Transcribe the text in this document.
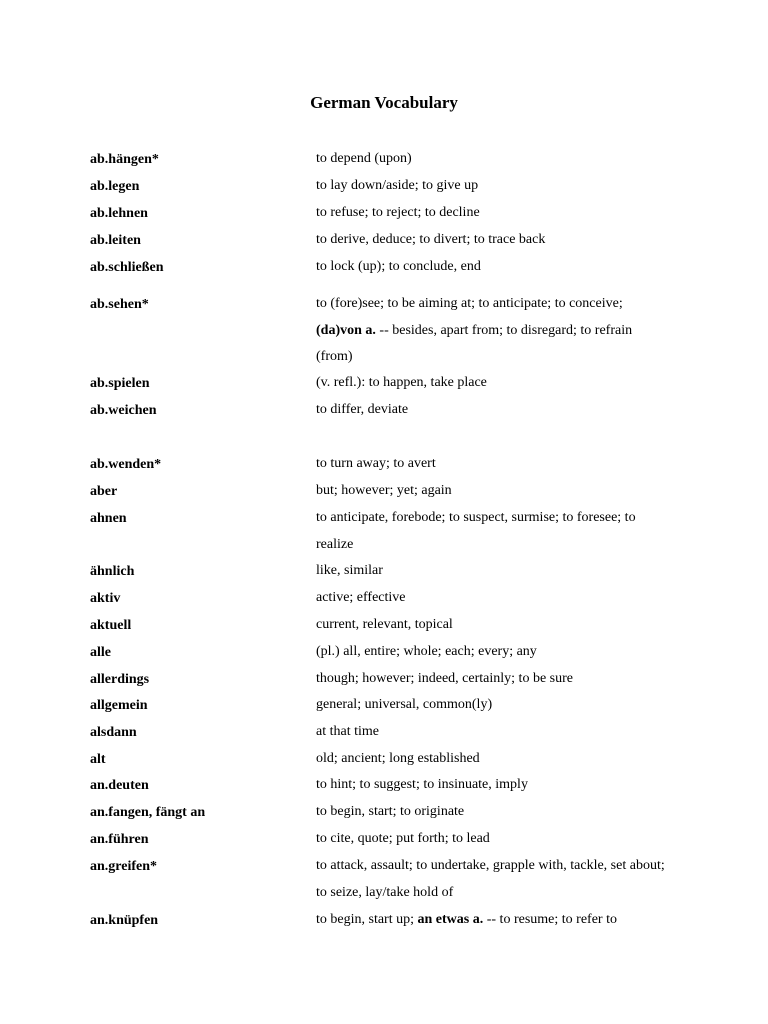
German Vocabulary
ab.hängen*	to depend (upon)
ab.legen	to lay down/aside; to give up
ab.lehnen	to refuse; to reject; to decline
ab.leiten	to derive, deduce; to divert; to trace back
ab.schließen	to lock (up); to conclude, end
ab.sehen*	to (fore)see; to be aiming at; to anticipate; to conceive; (da)von a. -- besides, apart from; to disregard; to refrain (from)
ab.spielen	(v. refl.): to happen, take place
ab.weichen	to differ, deviate
ab.wenden*	to turn away; to avert
aber	but; however; yet; again
ahnen	to anticipate, forebode; to suspect, surmise; to foresee; to realize
ähnlich	like, similar
aktiv	active; effective
aktuell	current, relevant, topical
alle	(pl.) all, entire; whole; each; every; any
allerdings	though; however; indeed, certainly; to be sure
allgemein	general; universal, common(ly)
alsdann	at that time
alt	old; ancient; long established
an.deuten	to hint; to suggest; to insinuate, imply
an.fangen, fängt an	to begin, start; to originate
an.führen	to cite, quote; put forth; to lead
an.greifen*	to attack, assault; to undertake, grapple with, tackle, set about; to seize, lay/take hold of
an.knüpfen	to begin, start up; an etwas a. -- to resume; to refer to
